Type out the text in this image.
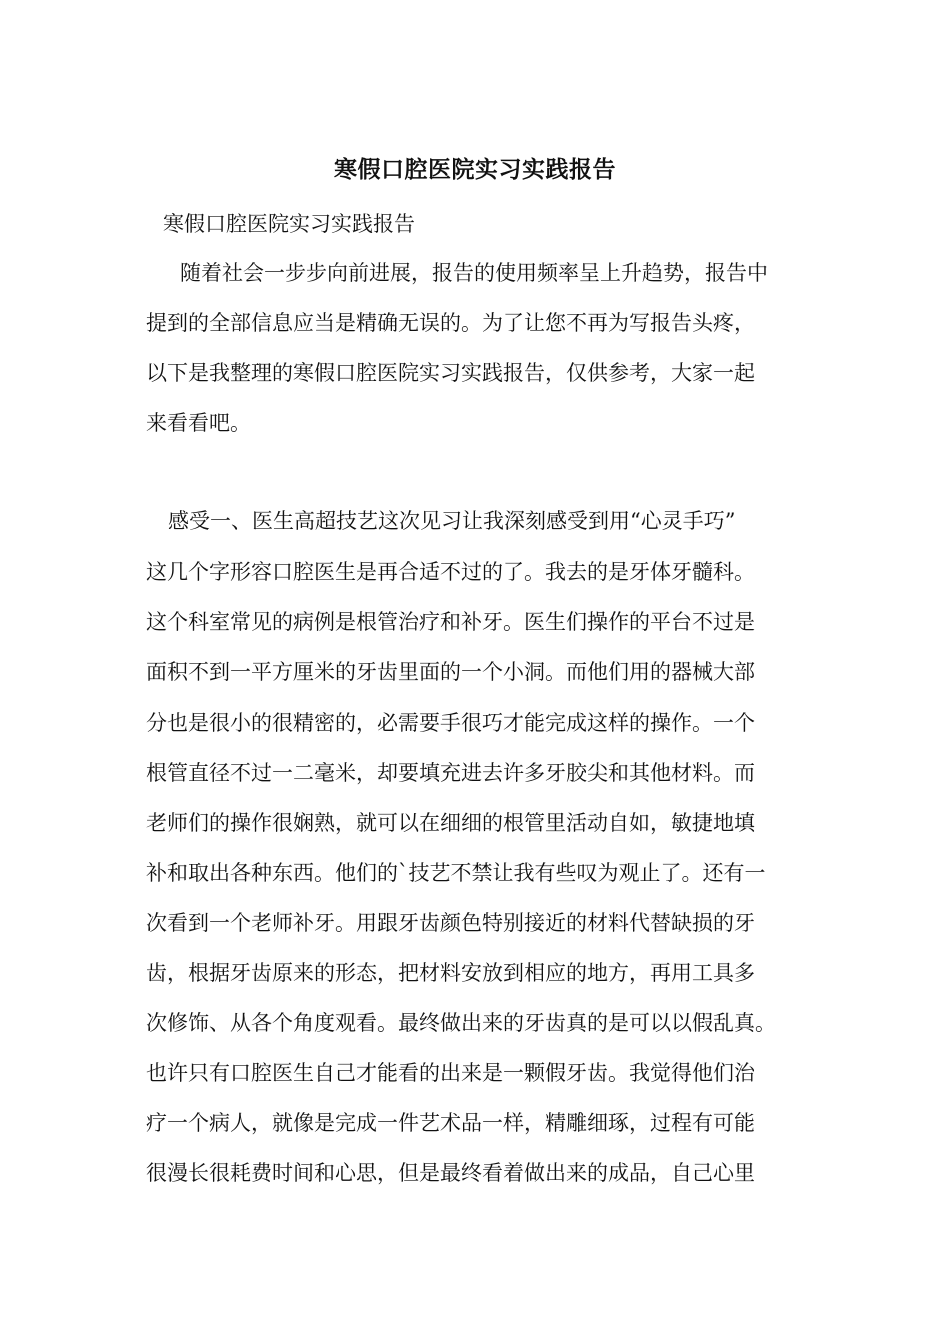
寒假口腔医院实习实践报告
寒假口腔医院实习实践报告
随着社会一步步向前进展，报告的使用频率呈上升趋势，报告中
提到的全部信息应当是精确无误的。为了让您不再为写报告头疼，
以下是我整理的寒假口腔医院实习实践报告，仅供参考，大家一起
来看看吧。
感受一、医生高超技艺这次见习让我深刻感受到用“心灵手巧”
这几个字形容口腔医生是再合适不过的了。我去的是牙体牙髓科。
这个科室常见的病例是根管治疗和补牙。医生们操作的平台不过是
面积不到一平方厘米的牙齿里面的一个小洞。而他们用的器械大部
分也是很小的很精密的，必需要手很巧才能完成这样的操作。一个
根管直径不过一二毫米，却要填充进去许多牙胶尖和其他材料。而
老师们的操作很娴熟，就可以在细细的根管里活动自如，敏捷地填
补和取出各种东西。他们的`技艺不禁让我有些叹为观止了。还有一
次看到一个老师补牙。用跟牙齿颜色特别接近的材料代替缺损的牙
齿，根据牙齿原来的形态，把材料安放到相应的地方，再用工具多
次修饰、从各个角度观看。最终做出来的牙齿真的是可以以假乱真。
也许只有口腔医生自己才能看的出来是一颗假牙齿。我觉得他们治
疗一个病人，就像是完成一件艺术品一样，精雕细琢，过程有可能
很漫长很耗费时间和心思，但是最终看着做出来的成品，自己心里
